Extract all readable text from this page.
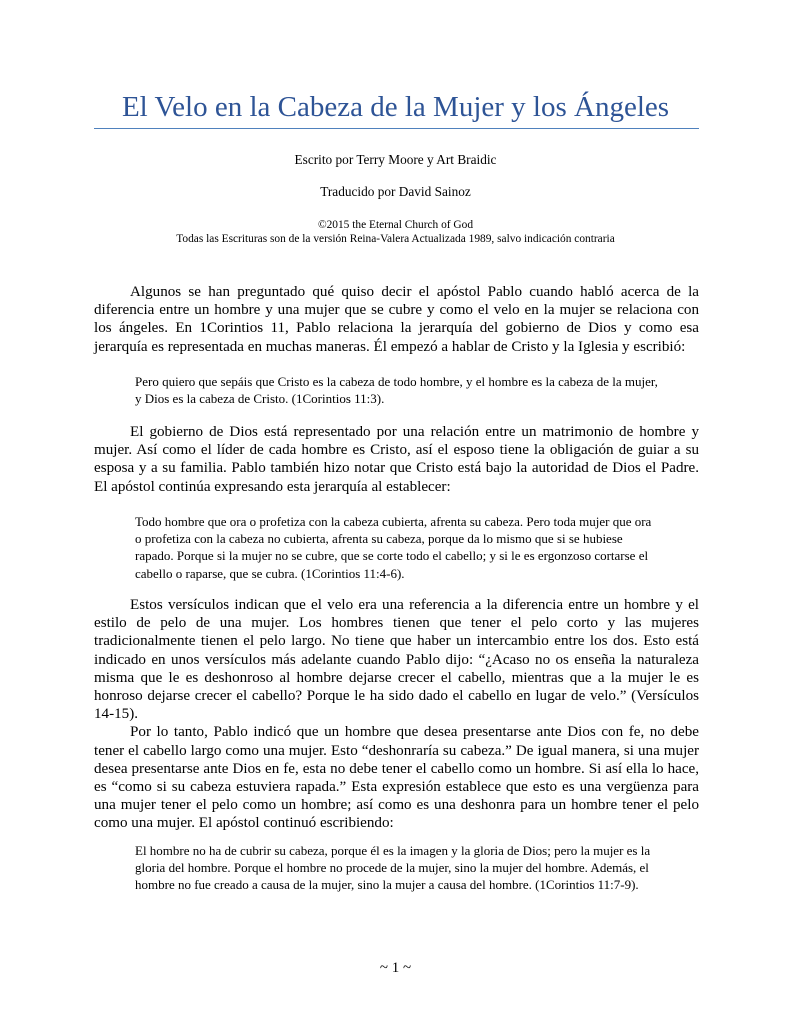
El Velo en la Cabeza de la Mujer y los Ángeles
Escrito por Terry Moore y Art Braidic
Traducido por David Sainoz
©2015 the Eternal Church of God
Todas las Escrituras son de la versión Reina-Valera Actualizada 1989, salvo indicación contraria

Algunos se han preguntado qué quiso decir el apóstol Pablo cuando habló acerca de la diferencia entre un hombre y una mujer que se cubre y como el velo en la mujer se relaciona con los ángeles. En 1Corintios 11, Pablo relaciona la jerarquía del gobierno de Dios y como esa jerarquía es representada en muchas maneras. Él empezó a hablar de Cristo y la Iglesia y escribió:

Pero quiero que sepáis que Cristo es la cabeza de todo hombre, y el hombre es la cabeza de la mujer, y Dios es la cabeza de Cristo. (1Corintios 11:3).

El gobierno de Dios está representado por una relación entre un matrimonio de hombre y mujer. Así como el líder de cada hombre es Cristo, así el esposo tiene la obligación de guiar a su esposa y a su familia. Pablo también hizo notar que Cristo está bajo la autoridad de Dios el Padre. El apóstol continúa expresando esta jerarquía al establecer:

Todo hombre que ora o profetiza con la cabeza cubierta, afrenta su cabeza. Pero toda mujer que ora o profetiza con la cabeza no cubierta, afrenta su cabeza, porque da lo mismo que si se hubiese rapado. Porque si la mujer no se cubre, que se corte todo el cabello; y si le es ergonzoso cortarse el cabello o raparse, que se cubra. (1Corintios 11:4-6).

Estos versículos indican que el velo era una referencia a la diferencia entre un hombre y el estilo de pelo de una mujer. Los hombres tienen que tener el pelo corto y las mujeres tradicionalmente tienen el pelo largo. No tiene que haber un intercambio entre los dos. Esto está indicado en unos versículos más adelante cuando Pablo dijo: “¿Acaso no os enseña la naturaleza misma que le es deshonroso al hombre dejarse crecer el cabello, mientras que a la mujer le es honroso dejarse crecer el cabello? Porque le ha sido dado el cabello en lugar de velo.” (Versículos 14-15).

Por lo tanto, Pablo indicó que un hombre que desea presentarse ante Dios con fe, no debe tener el cabello largo como una mujer. Esto “deshonraría su cabeza.” De igual manera, si una mujer desea presentarse ante Dios en fe, esta no debe tener el cabello como un hombre. Si así ella lo hace, es “como si su cabeza estuviera rapada.” Esta expresión establece que esto es una vergüenza para una mujer tener el pelo como un hombre; así como es una deshonra para un hombre tener el pelo como una mujer. El apóstol continuó escribiendo:

El hombre no ha de cubrir su cabeza, porque él es la imagen y la gloria de Dios; pero la mujer es la gloria del hombre. Porque el hombre no procede de la mujer, sino la mujer del hombre. Además, el hombre no fue creado a causa de la mujer, sino la mujer a causa del hombre. (1Corintios 11:7-9).

~ 1 ~
